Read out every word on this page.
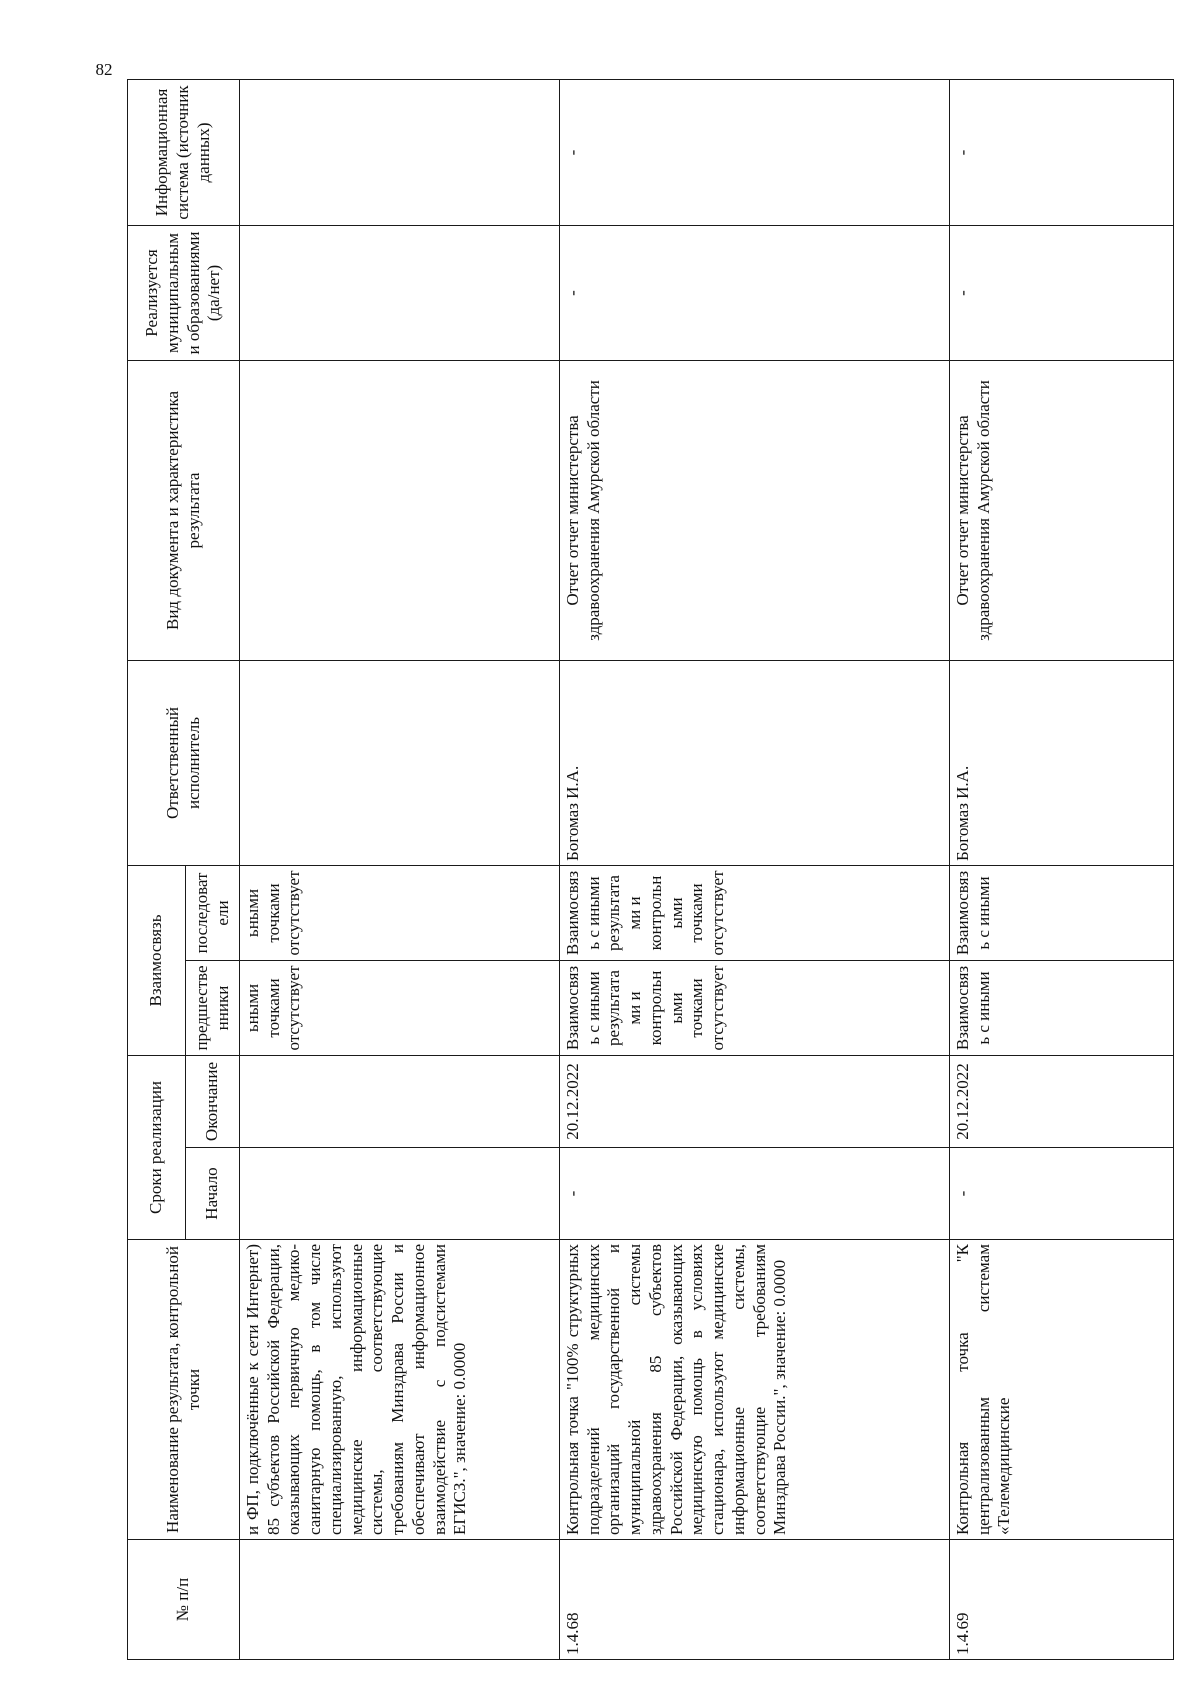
82
№ п/п	Наименование результата, контрольной точки	Сроки реализации		Взаимосвязь		Ответственный исполнитель	Вид документа и характеристика результата	Реализуется муниципальными образованиями (да/нет)	Информационная система (источник данных)
		Начало	Окончание	предшественники	последователи				
	и ФП, подключённые к сети Интернет) 85 субъектов Российской Федерации, оказывающих первичную медико-санитарную помощь, в том числе специализированную, используют медицинские информационные системы, соответствующие требованиям Минздрава России и обеспечивают информационное взаимодействие с подсистемами ЕГИСЗ.", значение: 0.0000			ьными точками отсутствует	ьными точками отсутствует				
1.4.68	Контрольная точка "100% структурных подразделений медицинских организаций государственной и муниципальной системы здравоохранения 85 субъектов Российской Федерации, оказывающих медицинскую помощь в условиях стационара, используют медицинские информационные системы, соответствующие требованиям Минздрава России.", значение: 0.0000	-	20.12.2022	Взаимосвязь с иными результатами и контрольными точками отсутствует	Взаимосвязь с иными результатами и контрольными точками отсутствует	Богомаз И.А.	Отчет отчет министерства здравоохранения Амурской области	-	-
1.4.69	Контрольная точка "К централизованным системам «Телемедицинские	-	20.12.2022	Взаимосвязь с иными	Взаимосвязь с иными	Богомаз И.А.	Отчет отчет министерства здравоохранения Амурской области	-	-
